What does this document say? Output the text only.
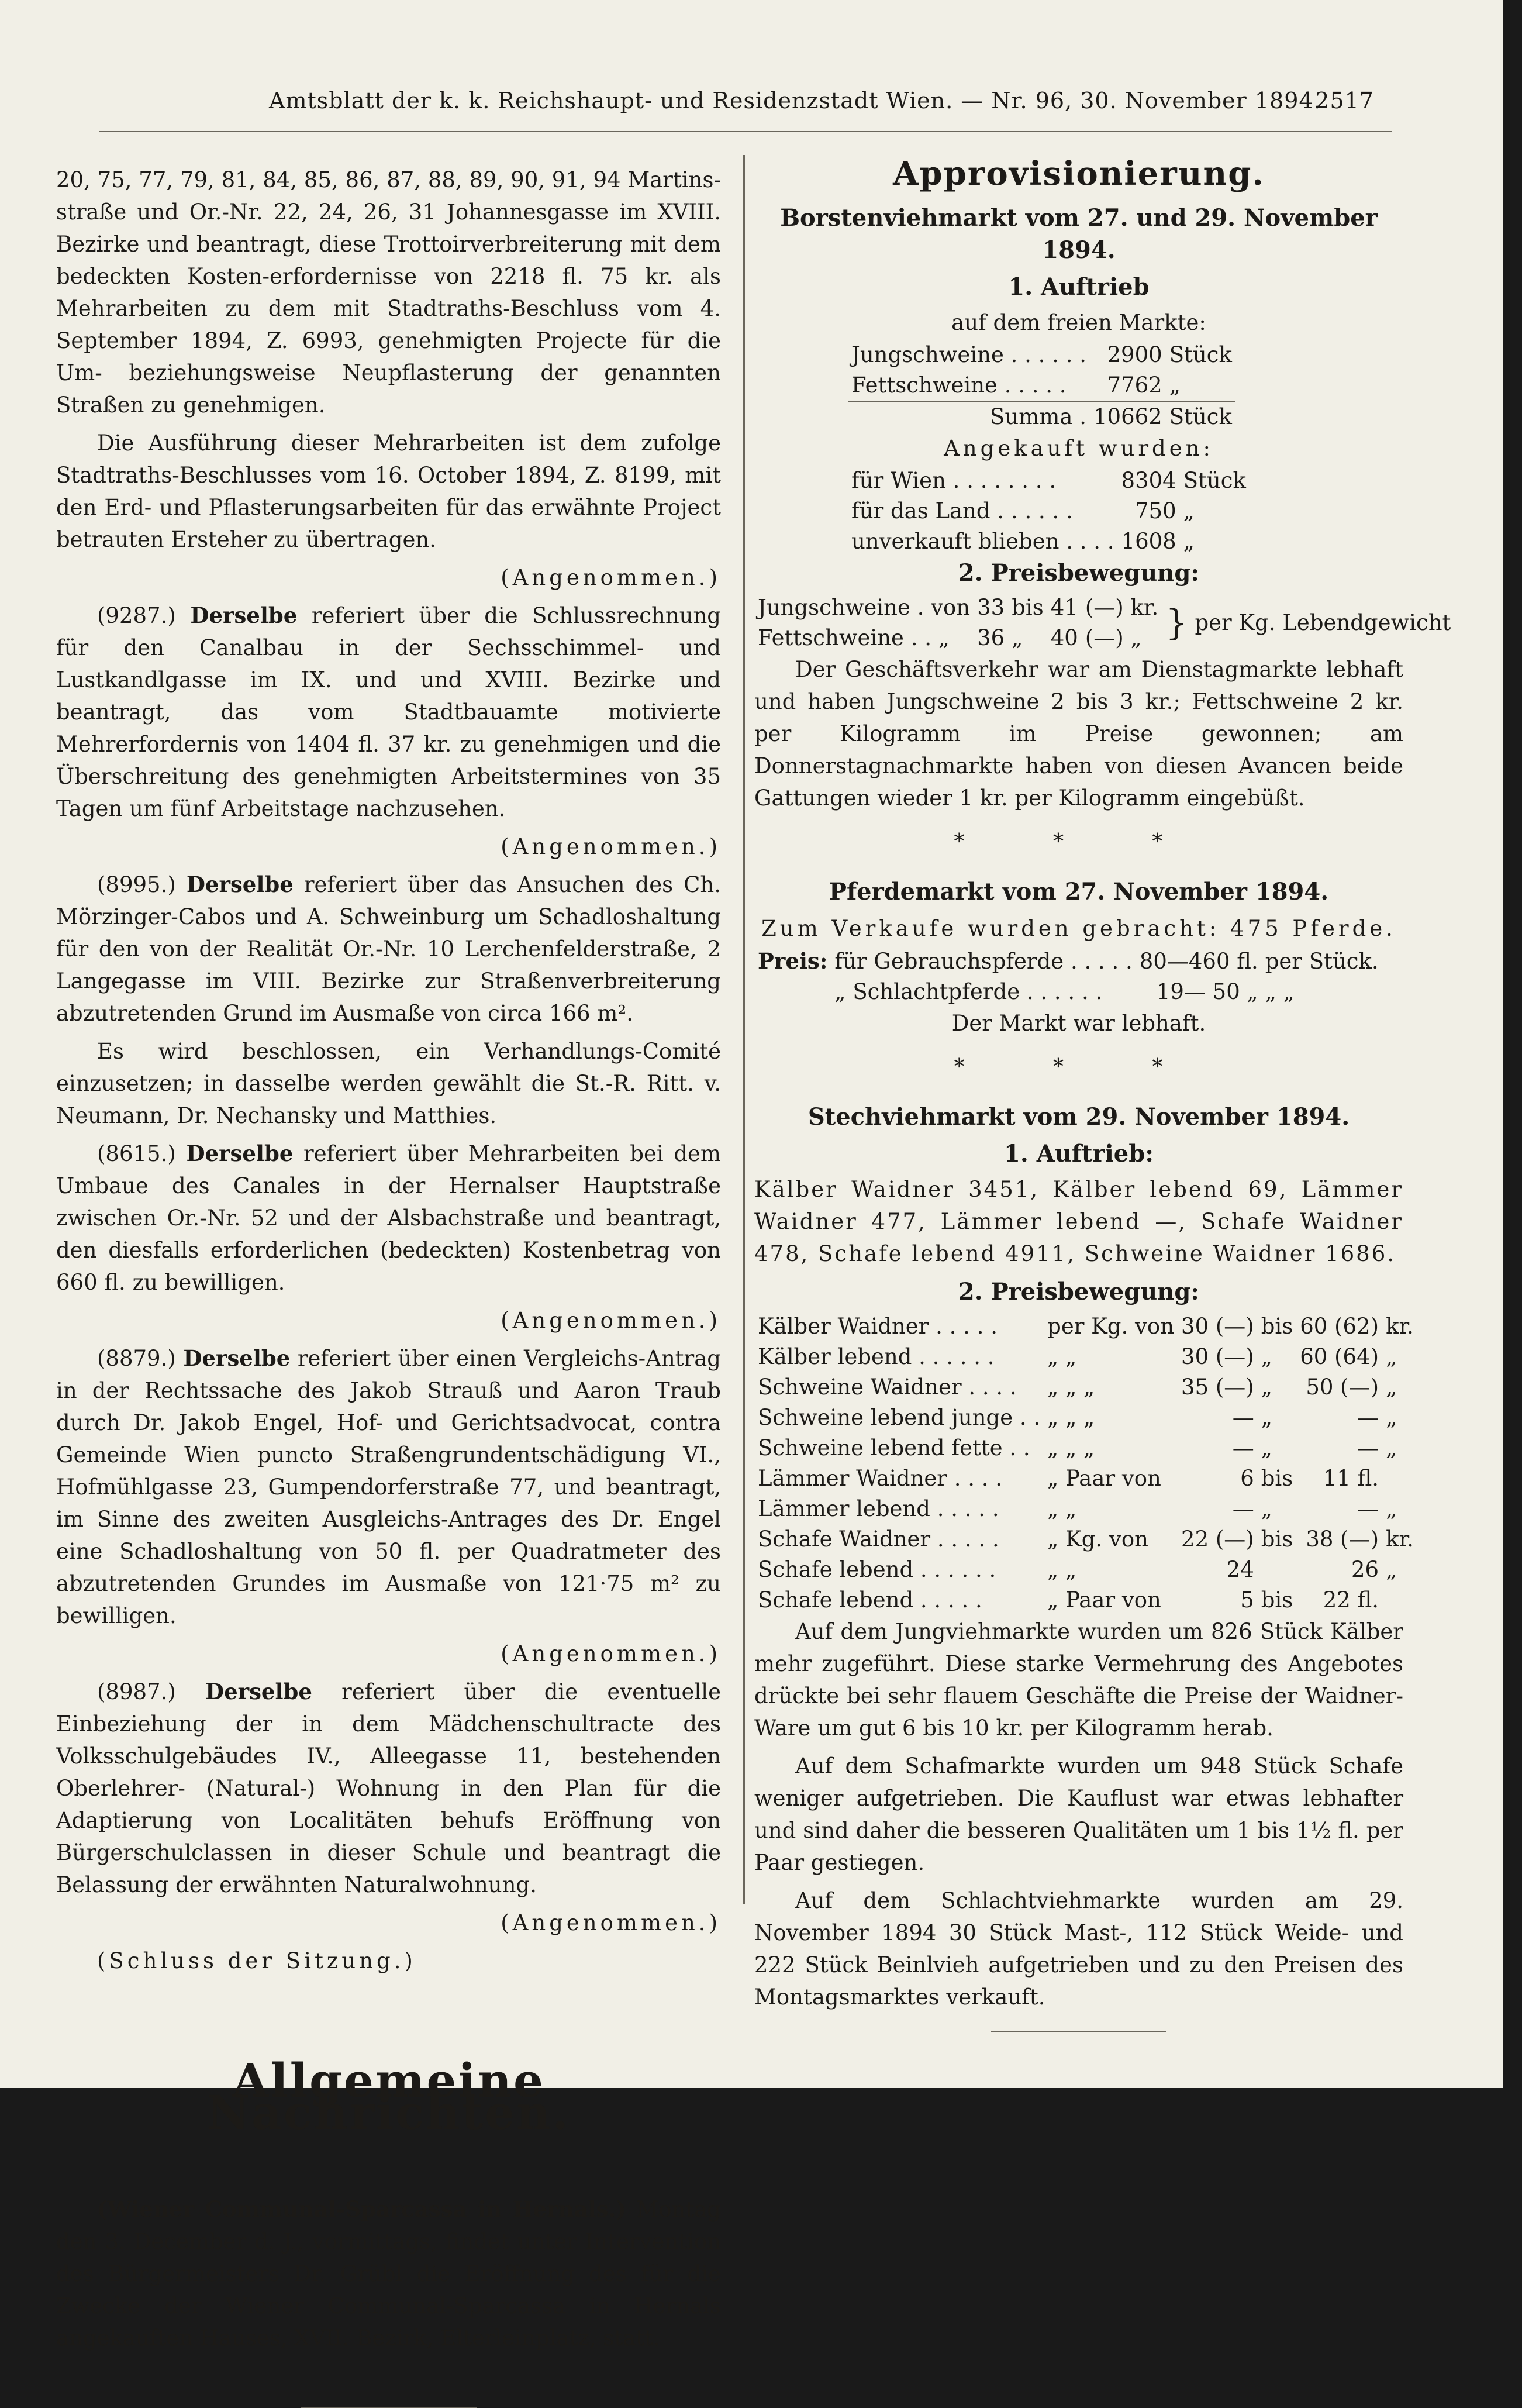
Amtsblatt der k. k. Reichshaupt- und Residenzstadt Wien. — Nr. 96, 30. November 1894.
2517

20, 75, 77, 79, 81, 84, 85, 86, 87, 88, 89, 90, 91, 94 Martins-straße und Or.-Nr. 22, 24, 26, 31 Johannesgasse im XVIII. Bezirke und beantragt, diese Trottoirverbreiterung mit dem bedeckten Kosten-erfordernisse von 2218 fl. 75 kr. als Mehrarbeiten zu dem mit Stadtraths-Beschluss vom 4. September 1894, Z. 6993, genehmigten Projecte für die Um- beziehungsweise Neupflasterung der genannten Straßen zu genehmigen.

Die Ausführung dieser Mehrarbeiten ist dem zufolge Stadtraths-Beschlusses vom 16. October 1894, Z. 8199, mit den Erd- und Pflasterungsarbeiten für das erwähnte Project betrauten Ersteher zu übertragen.

(Angenommen.)

(9287.) Derselbe referiert über die Schlussrechnung für den Canalbau in der Sechsschimmel- und Lustkandlgasse im IX. und und XVIII. Bezirke und beantragt, das vom Stadtbauamte motivierte Mehrerfordernis von 1404 fl. 37 kr. zu genehmigen und die Überschreitung des genehmigten Arbeitstermines von 35 Tagen um fünf Arbeitstage nachzusehen.

(Angenommen.)

(8995.) Derselbe referiert über das Ansuchen des Ch. Mörzinger-Cabos und A. Schweinburg um Schadloshaltung für den von der Realität Or.-Nr. 10 Lerchenfelderstraße, 2 Langegasse im VIII. Bezirke zur Straßenverbreiterung abzutretenden Grund im Ausmaße von circa 166 m².

Es wird beschlossen, ein Verhandlungs-Comité einzusetzen; in dasselbe werden gewählt die St.-R. Ritt. v. Neumann, Dr. Nechansky und Matthies.

(8615.) Derselbe referiert über Mehrarbeiten bei dem Umbaue des Canales in der Hernalser Hauptstraße zwischen Or.-Nr. 52 und der Alsbachstraße und beantragt, den diesfalls erforderlichen (bedeckten) Kostenbetrag von 660 fl. zu bewilligen.

(Angenommen.)

(8879.) Derselbe referiert über einen Vergleichs-Antrag in der Rechtssache des Jakob Strauß und Aaron Traub durch Dr. Jakob Engel, Hof- und Gerichtsadvocat, contra Gemeinde Wien puncto Straßengrundentschädigung VI., Hofmühlgasse 23, Gumpendorferstraße 77, und beantragt, im Sinne des zweiten Ausgleichs-Antrages des Dr. Engel eine Schadloshaltung von 50 fl. per Quadratmeter des abzutretenden Grundes im Ausmaße von 121·75 m² zu bewilligen.

(Angenommen.)

(8987.) Derselbe referiert über die eventuelle Einbeziehung der in dem Mädchenschultracte des Volksschulgebäudes IV., Alleegasse 11, bestehenden Oberlehrer- (Natural-) Wohnung in den Plan für die Adaptierung von Localitäten behufs Eröffnung von Bürgerschulclassen in dieser Schule und beantragt die Belassung der erwähnten Naturalwohnung.

(Angenommen.)

(Schluss der Sitzung.)

Allgemeine Nachrichten.

(Wiener Communal-Sparcassa in Hernals.) Montag den 3. December d. J., vormittags, findet unter Intervention des Bürgermeisters Dr. Grübl die Eröffnung des für die Zwecke der Wiener Communal-Sparcassa in Hernals angekauften Hauses, XVII. Bezirk, Elterleinplatz, statt.

Approvisionierung.
Borstenviehmarkt vom 27. und 29. November 1894.
1. Auftrieb
auf dem freien Markte:
Jungschweine . . . . . .	2900	Stück
Fettschweine . . . . .	7762	„
Summa .	10662	Stück
Angekauft wurden:
für Wien . . . . . . . .	8304	Stück
für das Land . . . . . .	750	„
unverkauft blieben . . . .	1608	„
2. Preisbewegung:
Jungschweine . von	33	bis	41	(—) kr.	}	per Kg. Lebendgewicht
Fettschweine . . „	36	„	40	(—) „		

Der Geschäftsverkehr war am Dienstagmarkte lebhaft und haben Jungschweine 2 bis 3 kr.; Fettschweine 2 kr. per Kilogramm im Preise gewonnen; am Donnerstagnachmarkte haben von diesen Avancen beide Gattungen wieder 1 kr. per Kilogramm eingebüßt.

* * *
Pferdemarkt vom 27. November 1894.
Zum Verkaufe wurden gebracht: 475 Pferde.
Preis:	für Gebrauchspferde . . . . .	80—460 fl.	per Stück.
	„ Schlachtpferde . . . . . .	19— 50 „	„ „
Der Markt war lebhaft.
* * *
Stechviehmarkt vom 29. November 1894.
1. Auftrieb:

Kälber Waidner 3451, Kälber lebend 69, Lämmer Waidner 477, Lämmer lebend —, Schafe Waidner 478, Schafe lebend 4911, Schweine Waidner 1686.

2. Preisbewegung:
Kälber Waidner . . . . .	per Kg. von	30 (—)	bis	60 (62)	kr.
Kälber lebend . . . . . .	„ „	30 (—)	„	60 (64)	„
Schweine Waidner . . . .	„ „ „	35 (—)	„	50 (—)	„
Schweine lebend junge . .	„ „ „	—	„	—	„
Schweine lebend fette . .	„ „ „	—	„	—	„
Lämmer Waidner . . . .	„ Paar von	6	bis	11 fl.	
Lämmer lebend . . . . .	„ „	—	„	—	„
Schafe Waidner . . . . .	„ Kg. von	22 (—)	bis	38 (—)	kr.
Schafe lebend . . . . . .	„ „	24		26	„
Schafe lebend . . . . .	„ Paar von	5	bis	22 fl.	

Auf dem Jungviehmarkte wurden um 826 Stück Kälber mehr zugeführt. Diese starke Vermehrung des Angebotes drückte bei sehr flauem Geschäfte die Preise der Waidner-Ware um gut 6 bis 10 kr. per Kilogramm herab.

Auf dem Schafmarkte wurden um 948 Stück Schafe weniger aufgetrieben. Die Kauflust war etwas lebhafter und sind daher die besseren Qualitäten um 1 bis 1½ fl. per Paar gestiegen.

Auf dem Schlachtviehmarkte wurden am 29. November 1894 30 Stück Mast-, 112 Stück Weide- und 222 Stück Beinlvieh aufgetrieben und zu den Preisen des Montagsmarktes verkauft.
